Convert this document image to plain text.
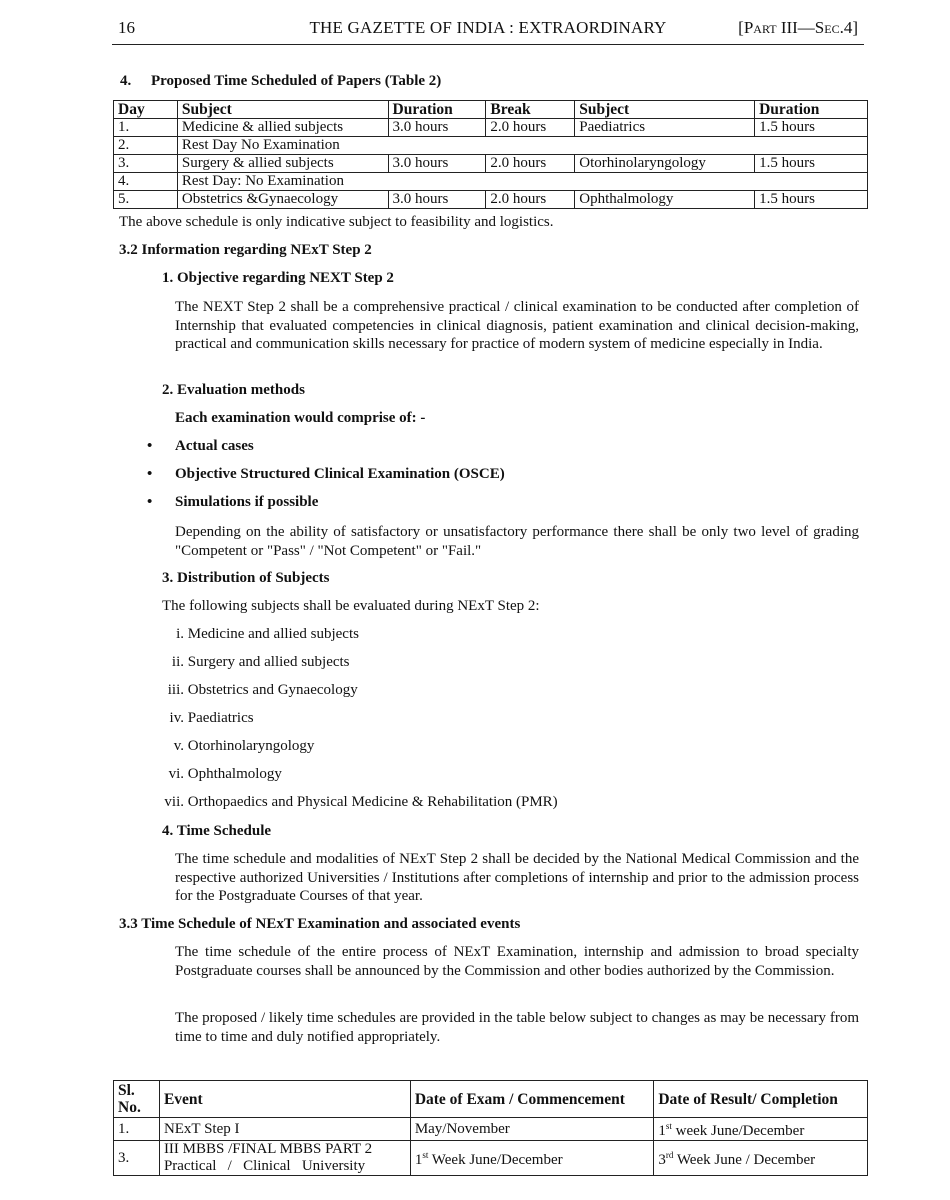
16	THE GAZETTE OF INDIA : EXTRAORDINARY	[Part III—Sec.4]
4. Proposed Time Scheduled of Papers (Table 2)
Day	Subject	Duration	Break	Subject	Duration
1.	Medicine & allied subjects	3.0 hours	2.0 hours	Paediatrics	1.5 hours
2.	Rest Day No Examination				
3.	Surgery & allied subjects	3.0 hours	2.0 hours	Otorhinolaryngology	1.5 hours
4.	Rest Day: No Examination				
5.	Obstetrics &Gynaecology	3.0 hours	2.0 hours	Ophthalmology	1.5 hours
The above schedule is only indicative subject to feasibility and logistics.
3.2 Information regarding NExT Step 2
1. Objective regarding NEXT Step 2
The NEXT Step 2 shall be a comprehensive practical / clinical examination to be conducted after completion of Internship that evaluated competencies in clinical diagnosis, patient examination and clinical decision-making, practical and communication skills necessary for practice of modern system of medicine especially in India.
2. Evaluation methods
Each examination would comprise of: -
• Actual cases
• Objective Structured Clinical Examination (OSCE)
• Simulations if possible
Depending on the ability of satisfactory or unsatisfactory performance there shall be only two level of grading "Competent or "Pass" / "Not Competent" or "Fail."
3. Distribution of Subjects
The following subjects shall be evaluated during NExT Step 2:
i. Medicine and allied subjects
ii. Surgery and allied subjects
iii. Obstetrics and Gynaecology
iv. Paediatrics
v. Otorhinolaryngology
vi. Ophthalmology
vii. Orthopaedics and Physical Medicine & Rehabilitation (PMR)
4. Time Schedule
The time schedule and modalities of NExT Step 2 shall be decided by the National Medical Commission and the respective authorized Universities / Institutions after completions of internship and prior to the admission process for the Postgraduate Courses of that year.
3.3 Time Schedule of NExT Examination and associated events
The time schedule of the entire process of NExT Examination, internship and admission to broad specialty Postgraduate courses shall be announced by the Commission and other bodies authorized by the Commission.
The proposed / likely time schedules are provided in the table below subject to changes as may be necessary from time to time and duly notified appropriately.
Sl. No.	Event	Date of Exam / Commencement	Date of Result/ Completion
1.	NExT Step I	May/November	1st week June/December
3.	III MBBS /FINAL MBBS PART 2
Practical   /   Clinical   University	1st Week June/December	3rd Week June / December
